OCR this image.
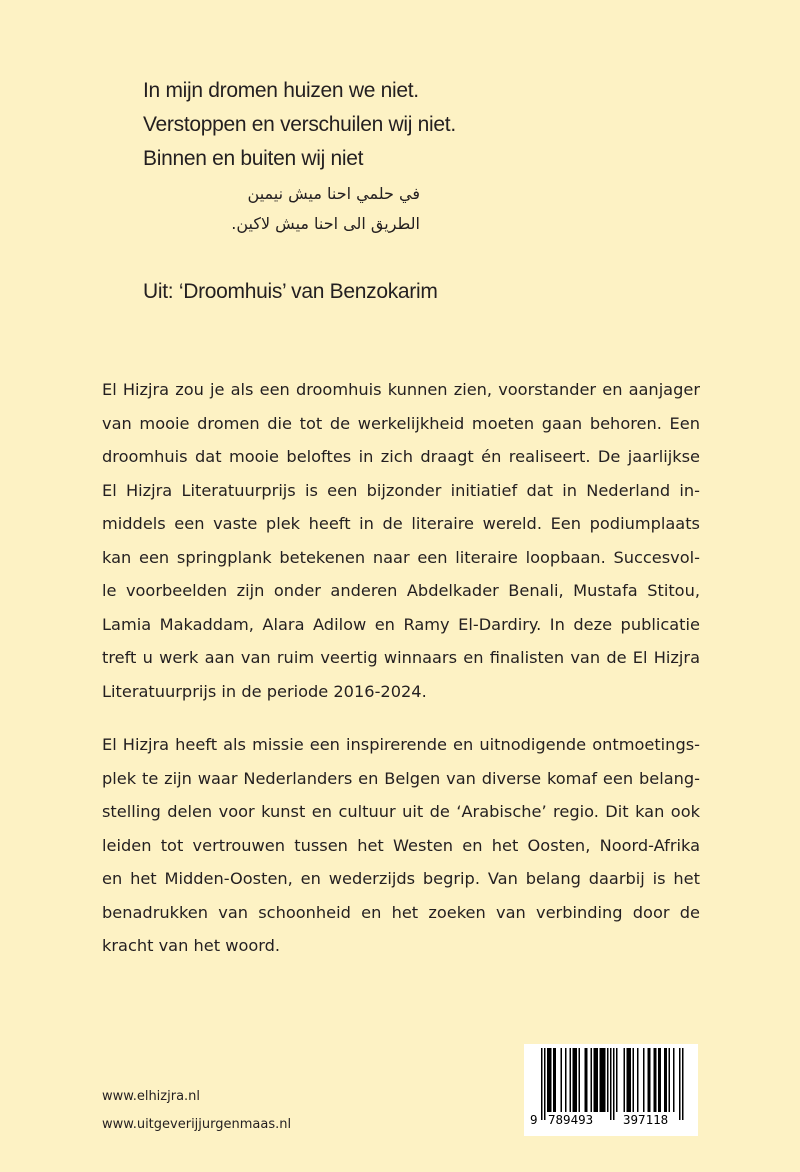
In mijn dromen huizen we niet.
Verstoppen en verschuilen wij niet.
Binnen en buiten wij niet
في حلمي احنا ميش نيمين
الطريق الى احنا ميش لاكين.
Uit: ‘Droomhuis’ van Benzokarim
El Hizjra zou je als een droomhuis kunnen zien, voorstander en aanjager
van mooie dromen die tot de werkelijkheid moeten gaan behoren. Een
droomhuis dat mooie beloftes in zich draagt én realiseert. De jaarlijkse
El Hizjra Literatuurprijs is een bijzonder initiatief dat in Nederland in-
middels een vaste plek heeft in de literaire wereld. Een podiumplaats
kan een springplank betekenen naar een literaire loopbaan. Succesvol-
le voorbeelden zijn onder anderen Abdelkader Benali, Mustafa Stitou,
Lamia Makaddam, Alara Adilow en Ramy El-Dardiry. In deze publicatie
treft u werk aan van ruim veertig winnaars en finalisten van de El Hizjra
Literatuurprijs in de periode 2016-2024.
El Hizjra heeft als missie een inspirerende en uitnodigende ontmoetings-
plek te zijn waar Nederlanders en Belgen van diverse komaf een belang-
stelling delen voor kunst en cultuur uit de ‘Arabische’ regio. Dit kan ook
leiden tot vertrouwen tussen het Westen en het Oosten, Noord-Afrika
en het Midden-Oosten, en wederzijds begrip. Van belang daarbij is het
benadrukken van schoonheid en het zoeken van verbinding door de
kracht van het woord.
www.elhizjra.nl
www.uitgeverijjurgenmaas.nl	9 789493 397118
